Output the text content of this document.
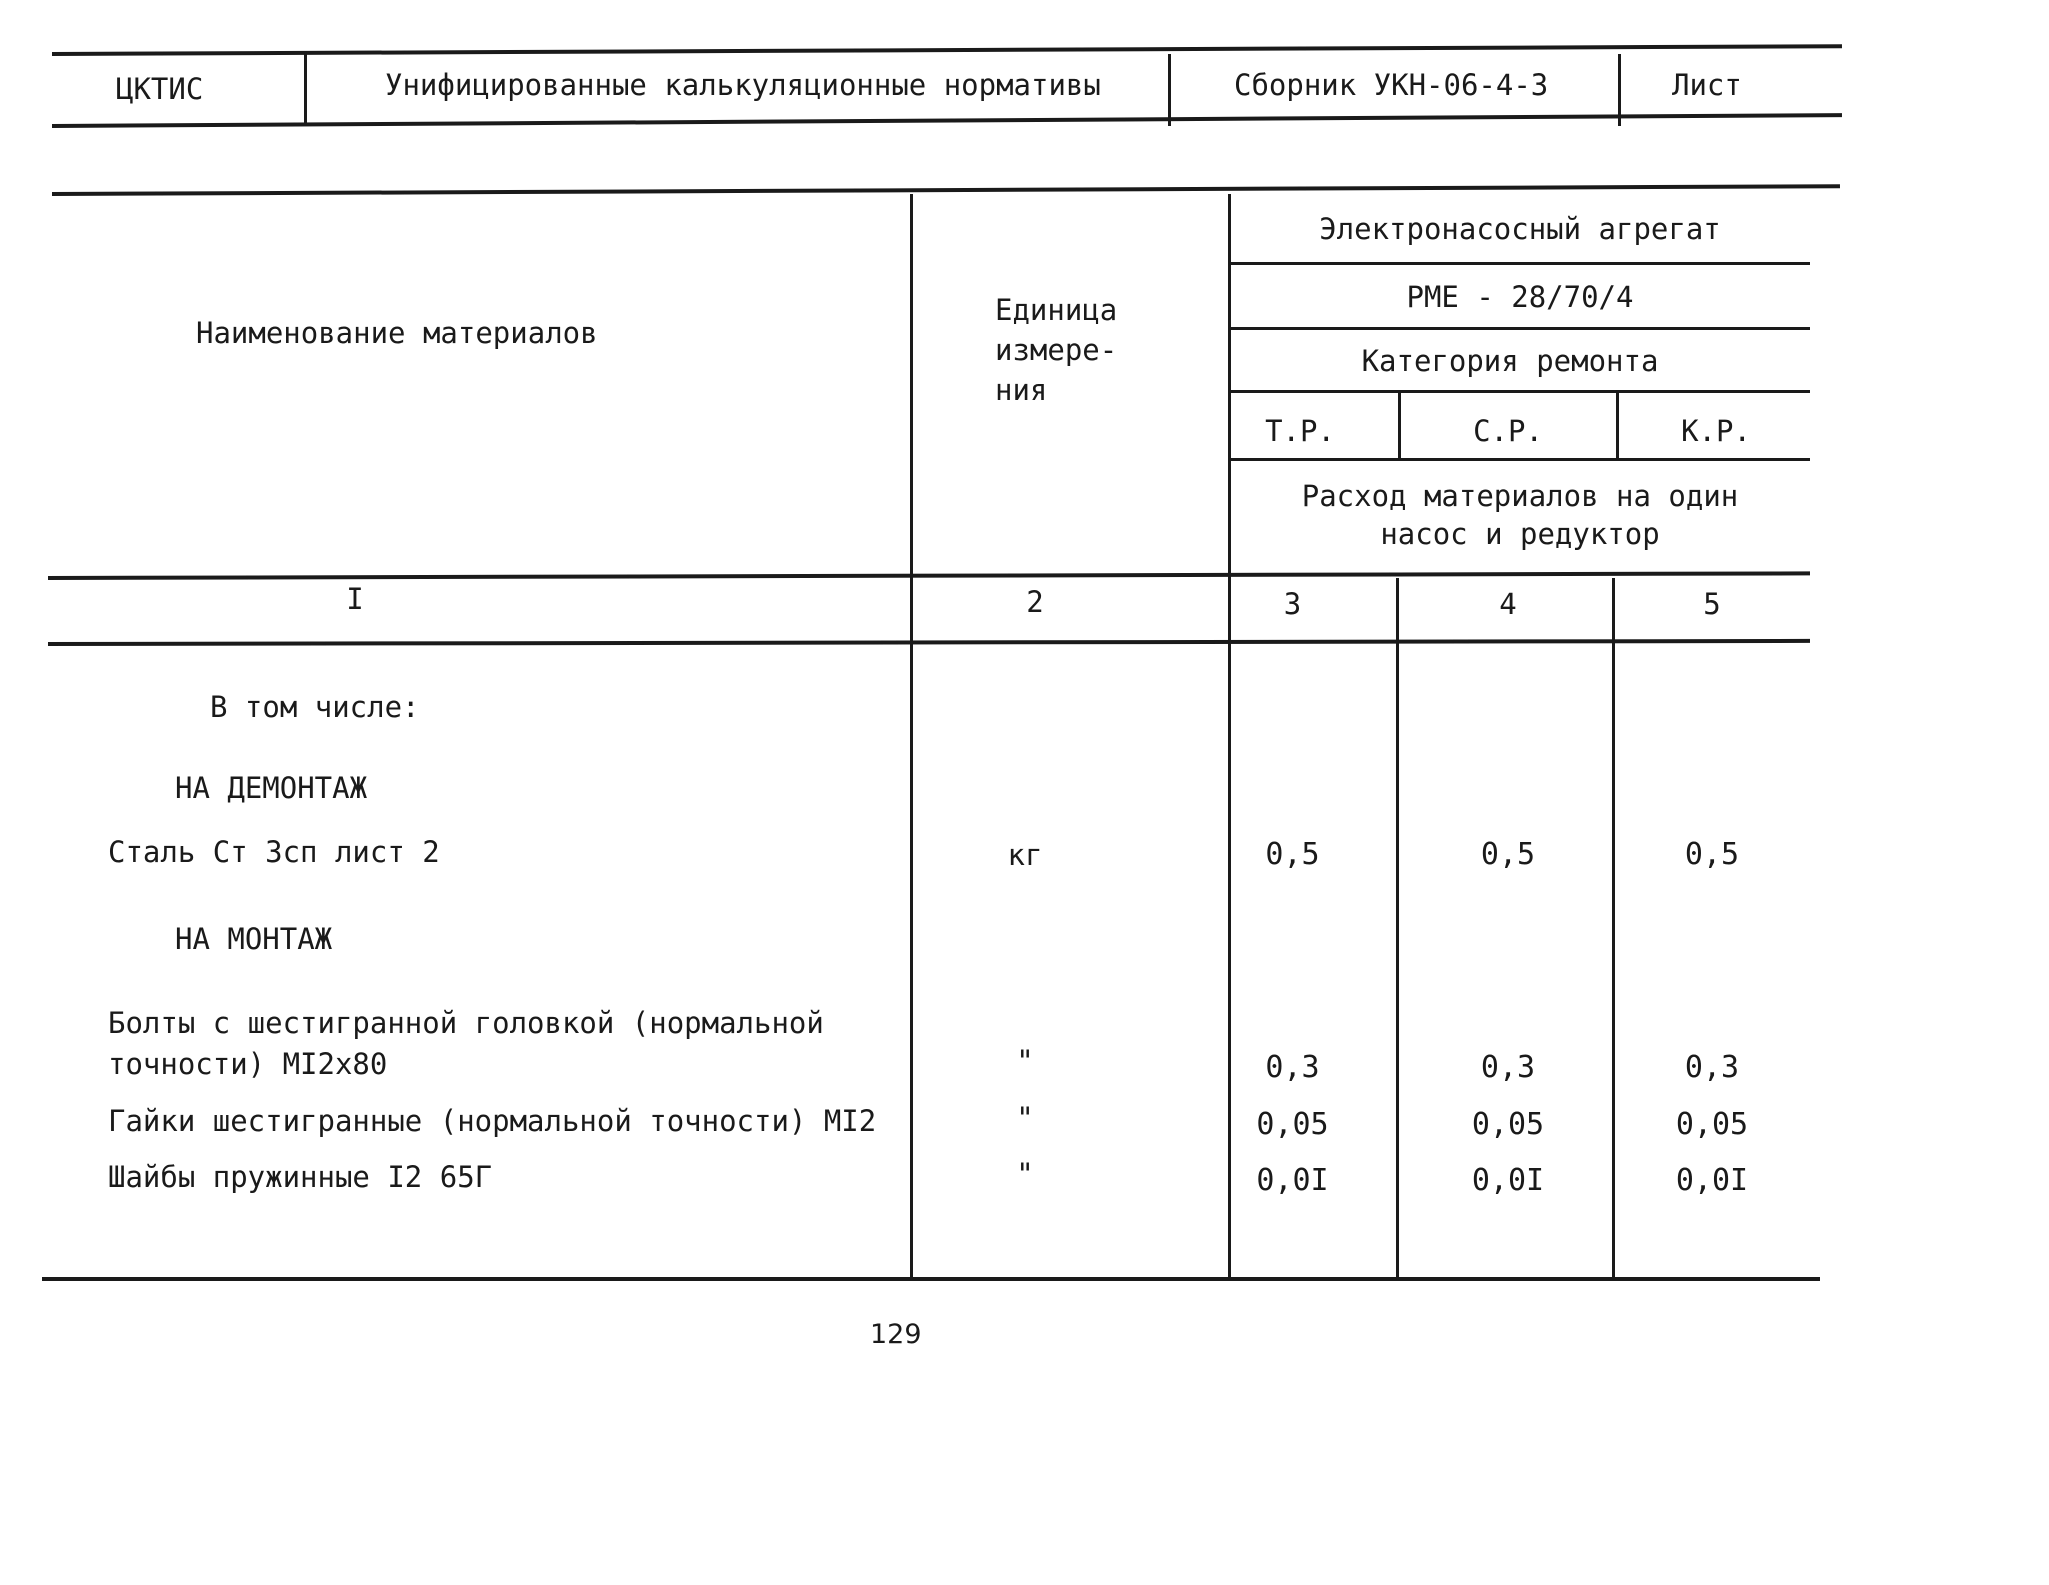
ЦКТИС	Унифицированные калькуляционные нормативы	Сборник УКН-06-4-3	Лист
Наименование материалов
Единица
измере-
ния
Электронасосный агрегат
PME - 28/70/4
Категория ремонта
Т.Р.	С.Р.	К.Р.
Расход материалов на один
насос и редуктор
I	2	3	4	5
В том числе:
НА ДЕМОНТАЖ
Сталь Ст 3сп лист 2	кг	0,5	0,5	0,5
НА МОНТАЖ
Болты с шестигранной головкой (нормальной
точности) МI2х80	"	0,3	0,3	0,3
Гайки шестигранные (нормальной точности) МI2	"	0,05	0,05	0,05
Шайбы пружинные I2 65Г	"	0,0I	0,0I	0,0I
129
